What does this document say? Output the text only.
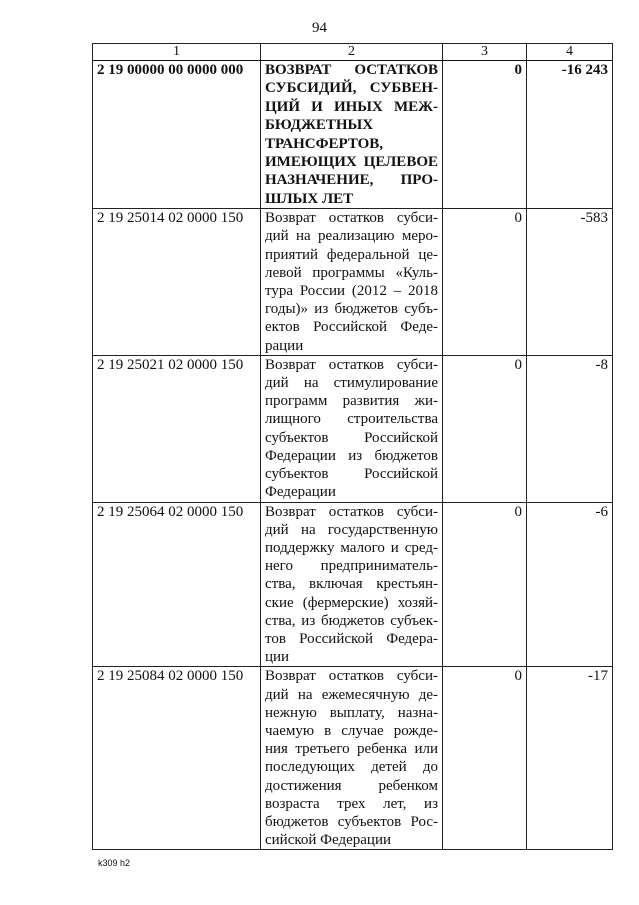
94
1	2	3	4
2 19 00000 00 0000 000	ВОЗВРАТ ОСТАТКОВ СУБСИДИЙ, СУБВЕН-ЦИЙ И ИНЫХ МЕЖ-БЮДЖЕТНЫХ ТРАНСФЕРТОВ, ИМЕЮЩИХ ЦЕЛЕВОЕ НАЗНАЧЕНИЕ, ПРО-ШЛЫХ ЛЕТ	0	-16 243
2 19 25014 02 0000 150	Возврат остатков субси-дий на реализацию меро-приятий федеральной це-левой программы «Куль-тура России (2012 – 2018 годы)» из бюджетов субъ-ектов Российской Феде-рации	0	-583
2 19 25021 02 0000 150	Возврат остатков субси-дий на стимулирование программ развития жи-лищного строительства субъектов Российской Федерации из бюджетов субъектов Российской Федерации	0	-8
2 19 25064 02 0000 150	Возврат остатков субси-дий на государственную поддержку малого и сред-него предприниматель-ства, включая крестьян-ские (фермерские) хозяй-ства, из бюджетов субъек-тов Российской Федера-ции	0	-6
2 19 25084 02 0000 150	Возврат остатков субси-дий на ежемесячную де-нежную выплату, назна-чаемую в случае рожде-ния третьего ребенка или последующих детей до достижения ребенком возраста трех лет, из бюджетов субъектов Рос-сийской Федерации	0	-17
k309 h2
